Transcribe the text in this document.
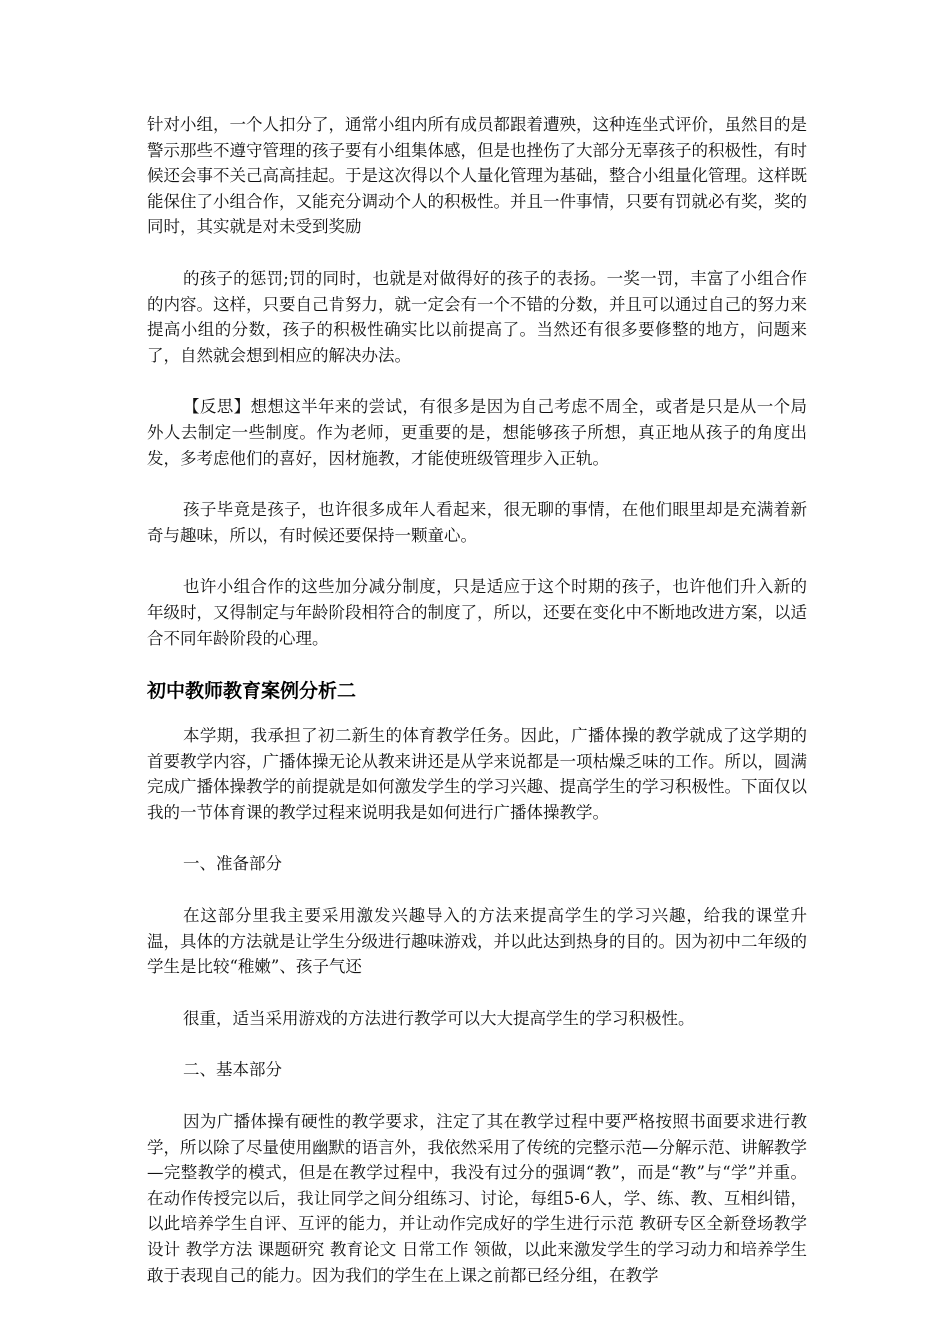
针对小组，一个人扣分了，通常小组内所有成员都跟着遭殃，这种连坐式评价，虽然目的是警示那些不遵守管理的孩子要有小组集体感，但是也挫伤了大部分无辜孩子的积极性，有时候还会事不关己高高挂起。于是这次得以个人量化管理为基础，整合小组量化管理。这样既能保住了小组合作，又能充分调动个人的积极性。并且一件事情，只要有罚就必有奖，奖的同时，其实就是对未受到奖励

的孩子的惩罚;罚的同时，也就是对做得好的孩子的表扬。一奖一罚，丰富了小组合作的内容。这样，只要自己肯努力，就一定会有一个不错的分数，并且可以通过自己的努力来提高小组的分数，孩子的积极性确实比以前提高了。当然还有很多要修整的地方，问题来了，自然就会想到相应的解决办法。

【反思】想想这半年来的尝试，有很多是因为自己考虑不周全，或者是只是从一个局外人去制定一些制度。作为老师，更重要的是，想能够孩子所想，真正地从孩子的角度出发，多考虑他们的喜好，因材施教，才能使班级管理步入正轨。

孩子毕竟是孩子，也许很多成年人看起来，很无聊的事情，在他们眼里却是充满着新奇与趣味，所以，有时候还要保持一颗童心。

也许小组合作的这些加分减分制度，只是适应于这个时期的孩子，也许他们升入新的年级时，又得制定与年龄阶段相符合的制度了，所以，还要在变化中不断地改进方案，以适合不同年龄阶段的心理。

初中教师教育案例分析二

本学期，我承担了初二新生的体育教学任务。因此，广播体操的教学就成了这学期的首要教学内容，广播体操无论从教来讲还是从学来说都是一项枯燥乏味的工作。所以，圆满完成广播体操教学的前提就是如何激发学生的学习兴趣、提高学生的学习积极性。下面仅以我的一节体育课的教学过程来说明我是如何进行广播体操教学。

一、准备部分

在这部分里我主要采用激发兴趣导入的方法来提高学生的学习兴趣，给我的课堂升温，具体的方法就是让学生分级进行趣味游戏，并以此达到热身的目的。因为初中二年级的学生是比较“稚嫩”、孩子气还

很重，适当采用游戏的方法进行教学可以大大提高学生的学习积极性。

二、基本部分

因为广播体操有硬性的教学要求，注定了其在教学过程中要严格按照书面要求进行教学，所以除了尽量使用幽默的语言外，我依然采用了传统的完整示范—分解示范、讲解教学—完整教学的模式，但是在教学过程中，我没有过分的强调“教”，而是“教”与“学”并重。在动作传授完以后，我让同学之间分组练习、讨论，每组5-6人，学、练、教、互相纠错，以此培养学生自评、互评的能力，并让动作完成好的学生进行示范 教研专区全新登场教学设计 教学方法 课题研究 教育论文 日常工作 领做，以此来激发学生的学习动力和培养学生敢于表现自己的能力。因为我们的学生在上课之前都已经分组，在教学
